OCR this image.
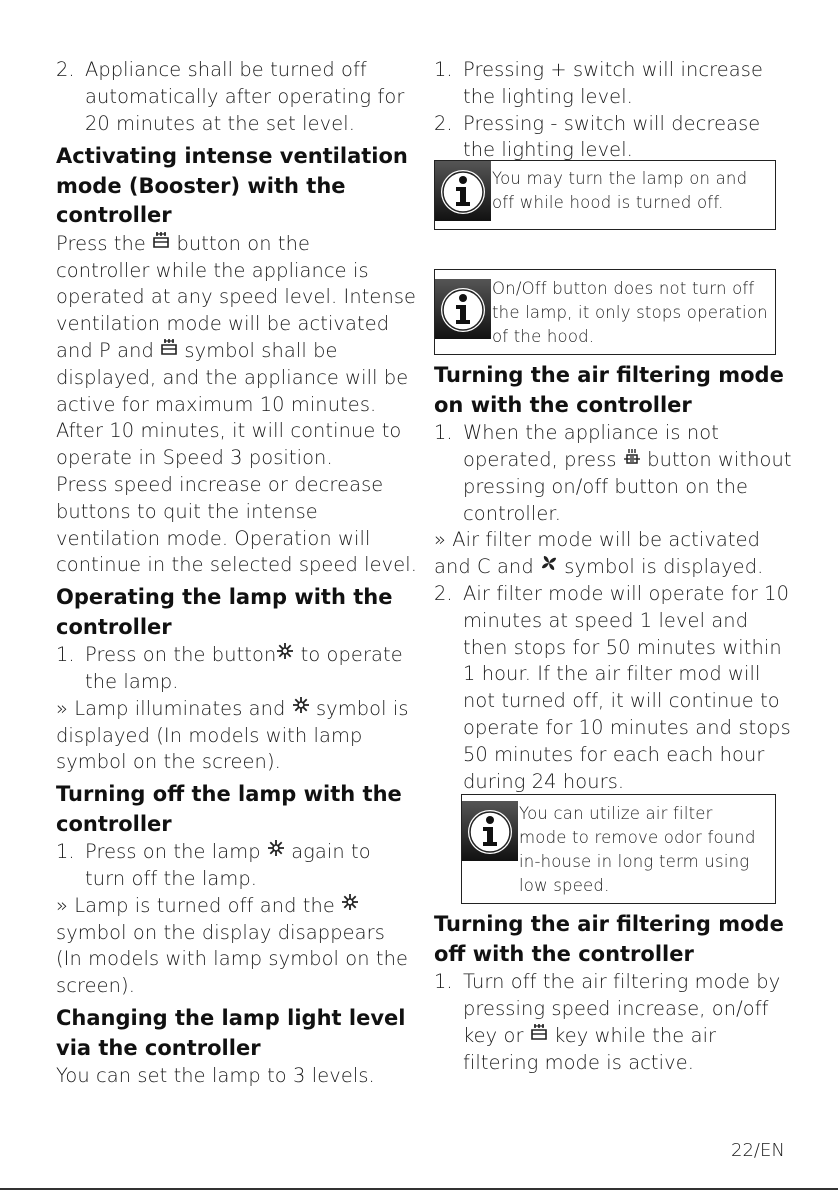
2. Appliance shall be turned off

automatically after operating for

20 minutes at the set level.

Activating intense ventilation
mode (Booster) with the
controller

Press the  button on the

controller while the appliance is

operated at any speed level. Intense

ventilation mode will be activated

and P and  symbol shall be

displayed, and the appliance will be

active for maximum 10 minutes.

After 10 minutes, it will continue to

operate in Speed 3 position.

Press speed increase or decrease

buttons to quit the intense

ventilation mode. Operation will

continue in the selected speed level.

Operating the lamp with the
controller
1. Press on the button to operate

the lamp.

» Lamp illuminates and  symbol is

displayed (In models with lamp

symbol on the screen).

Turning off the lamp with the
controller
1. Press on the lamp  again to

turn off the lamp.

» Lamp is turned off and the

symbol on the display disappears

(In models with lamp symbol on the

screen).

Changing the lamp light level
via the controller

You can set the lamp to 3 levels.

1. Pressing + switch will increase

the lighting level.

2. Pressing - switch will decrease

the lighting level.

You may turn the lamp on and
off while hood is turned off.
On/Off button does not turn off
the lamp, it only stops operation
of the hood.
Turning the air filtering mode
on with the controller
1. When the appliance is not

operated, press  button without

pressing on/off button on the

controller.

» Air filter mode will be activated

and C and  symbol is displayed.

2. Air filter mode will operate for 10

minutes at speed 1 level and

then stops for 50 minutes within

1 hour. If the air filter mod will

not turned off, it will continue to

operate for 10 minutes and stops

50 minutes for each each hour

during 24 hours.

You can utilize air filter
mode to remove odor found
in-house in long term using
low speed.
Turning the air filtering mode
off with the controller
1. Turn off the air filtering mode by

pressing speed increase, on/off

key or  key while the air

filtering mode is active.

22/EN
